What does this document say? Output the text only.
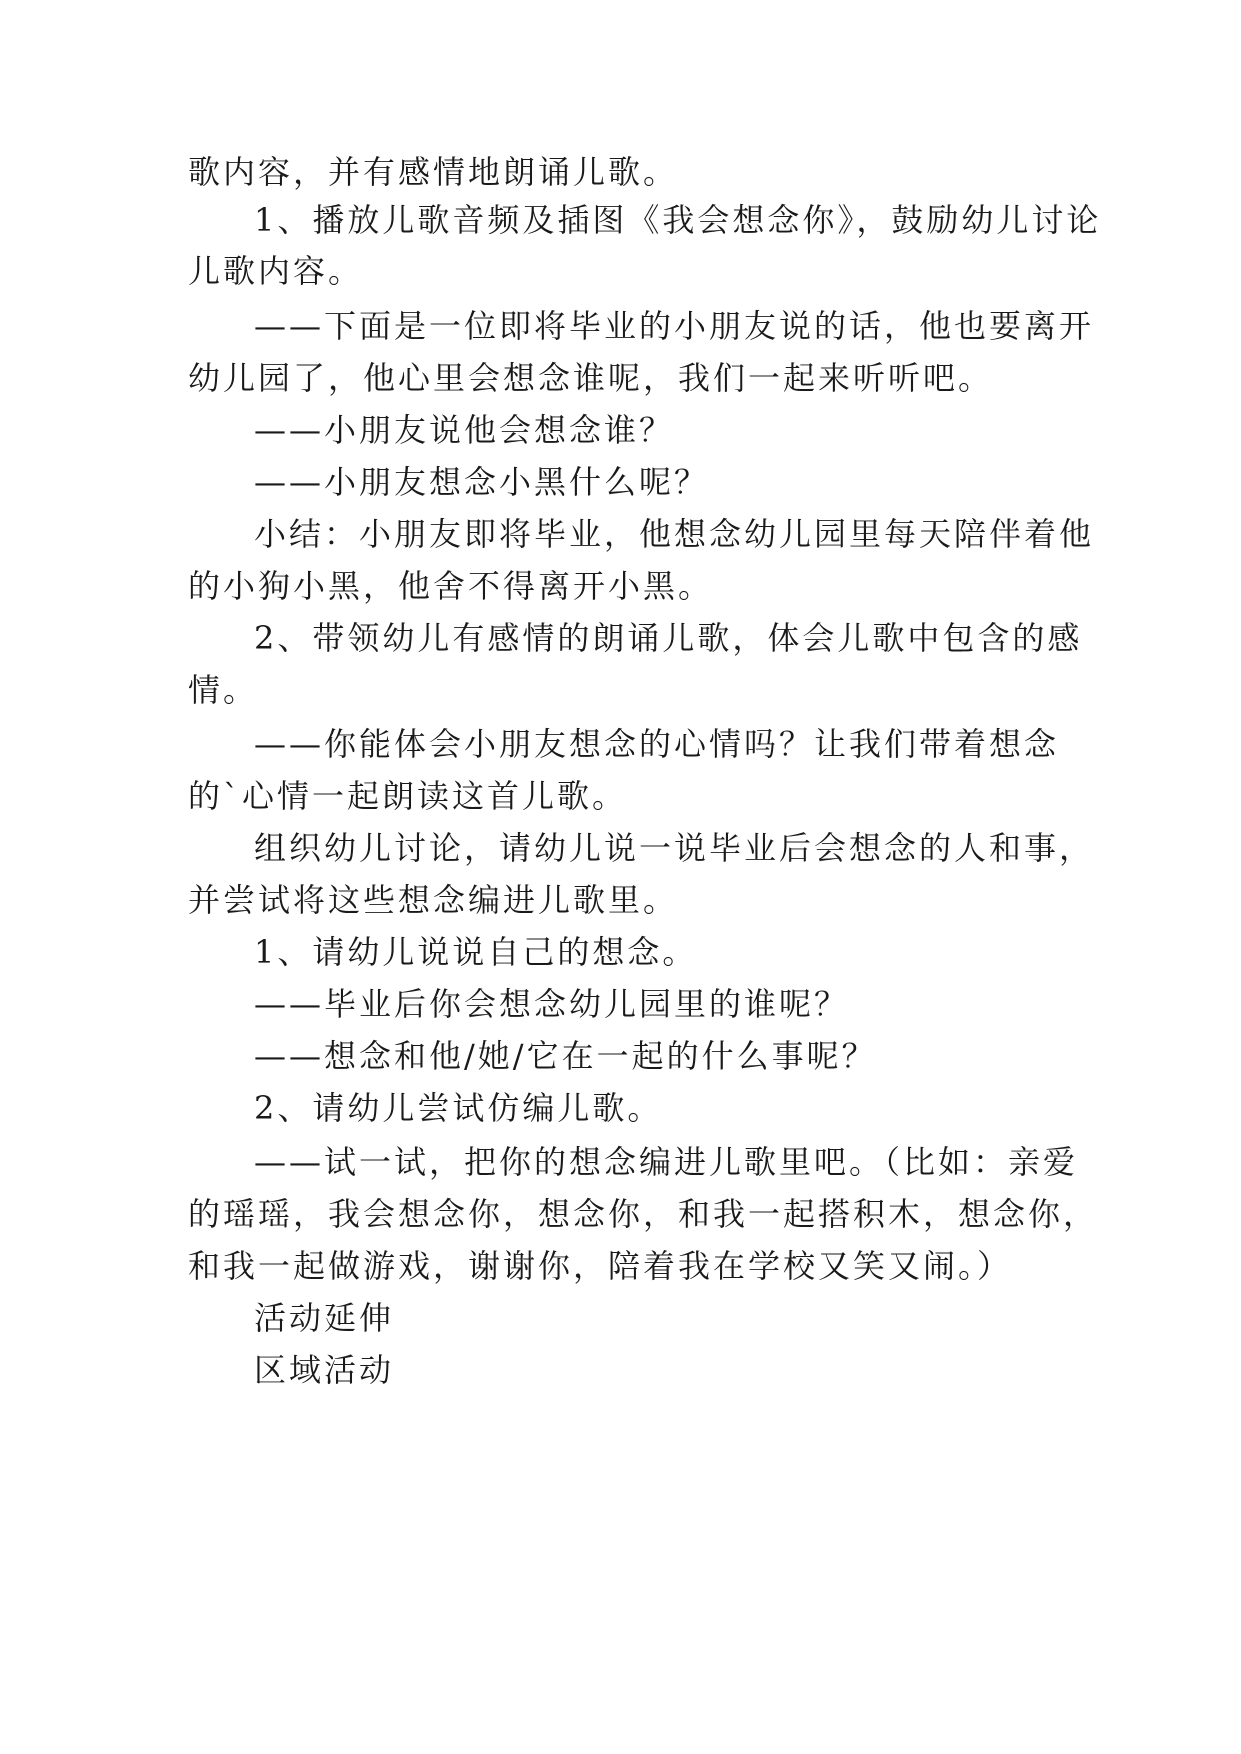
歌内容，并有感情地朗诵儿歌。
1、播放儿歌音频及插图《我会想念你》，鼓励幼儿讨论
儿歌内容。
——下面是一位即将毕业的小朋友说的话，他也要离开
幼儿园了，他心里会想念谁呢，我们一起来听听吧。
——小朋友说他会想念谁？
——小朋友想念小黑什么呢？
小结：小朋友即将毕业，他想念幼儿园里每天陪伴着他
的小狗小黑，他舍不得离开小黑。
2、带领幼儿有感情的朗诵儿歌，体会儿歌中包含的感
情。
——你能体会小朋友想念的心情吗？让我们带着想念
的`心情一起朗读这首儿歌。
组织幼儿讨论，请幼儿说一说毕业后会想念的人和事，
并尝试将这些想念编进儿歌里。
1、请幼儿说说自己的想念。
——毕业后你会想念幼儿园里的谁呢？
——想念和他/她/它在一起的什么事呢？
2、请幼儿尝试仿编儿歌。
——试一试，把你的想念编进儿歌里吧。（比如：亲爱
的瑶瑶，我会想念你，想念你，和我一起搭积木，想念你，
和我一起做游戏，谢谢你，陪着我在学校又笑又闹。）
活动延伸
区域活动
